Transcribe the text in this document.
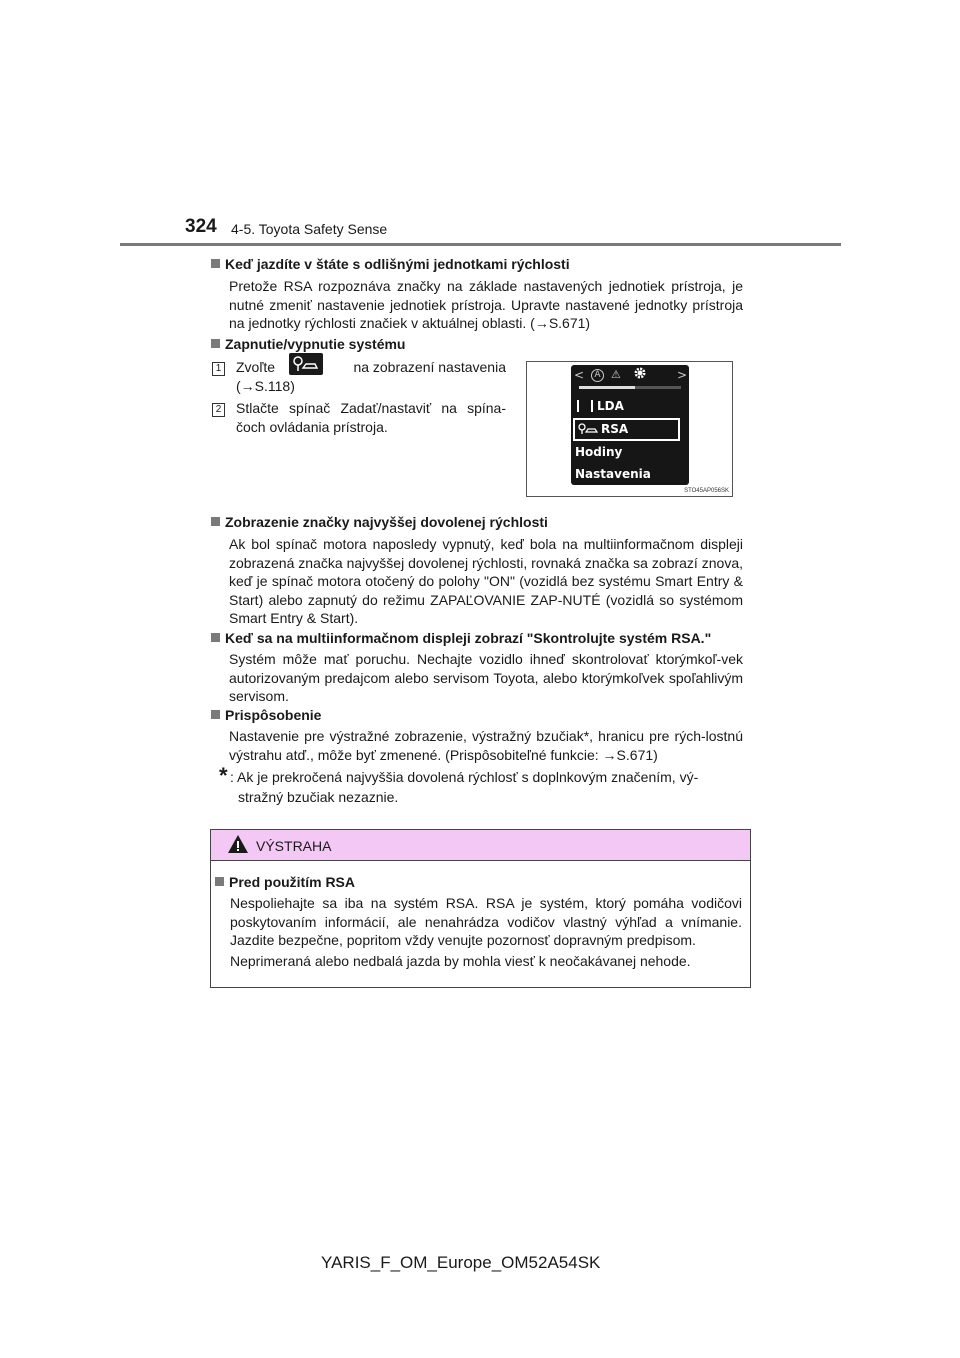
324 4-5. Toyota Safety Sense
Keď jazdíte v štáte s odlišnými jednotkami rýchlosti
Pretože RSA rozpoznáva značky na základe nastavených jednotiek prístroja, je nutné zmeniť nastavenie jednotiek prístroja. Upravte nastavené jednotky prístroja na jednotky rýchlosti značiek v aktuálnej oblasti. (→S.671)
Zapnutie/vypnutie systému
1 Zvoľte	na zobrazení nastavenia
(→S.118)
2 Stlačte spínač Zadať/nastaviť na spína-čoch ovládania prístroja.
<	A ⚠	>
LDA
RSA
Hodiny
Nastavenia
STO45AP056SK
Zobrazenie značky najvyššej dovolenej rýchlosti
Ak bol spínač motora naposledy vypnutý, keď bola na multiinformačnom displeji zobrazená značka najvyššej dovolenej rýchlosti, rovnaká značka sa zobrazí znova, keď je spínač motora otočený do polohy "ON" (vozidlá bez systému Smart Entry & Start) alebo zapnutý do režimu ZAPAĽOVANIE ZAP-NUTÉ (vozidlá so systémom Smart Entry & Start).
Keď sa na multiinformačnom displeji zobrazí "Skontrolujte systém RSA."
Systém môže mať poruchu. Nechajte vozidlo ihneď skontrolovať ktorýmkoľ-vek autorizovaným predajcom alebo servisom Toyota, alebo ktorýmkoľvek spoľahlivým servisom.
Prispôsobenie
Nastavenie pre výstražné zobrazenie, výstražný bzučiak*, hranicu pre rých-lostnú výstrahu atď., môže byť zmenené. (Prispôsobiteľné funkcie: →S.671)
* : Ak je prekročená najvyššia dovolená rýchlosť s doplnkovým značením, vý-
stražný bzučiak nezaznie.
VÝSTRAHA
Pred použitím RSA
Nespoliehajte sa iba na systém RSA. RSA je systém, ktorý pomáha vodičovi poskytovaním informácií, ale nenahrádza vodičov vlastný výhľad a vnímanie. Jazdite bezpečne, popritom vždy venujte pozornosť dopravným predpisom.
Neprimeraná alebo nedbalá jazda by mohla viesť k neočakávanej nehode.
YARIS_F_OM_Europe_OM52A54SK
